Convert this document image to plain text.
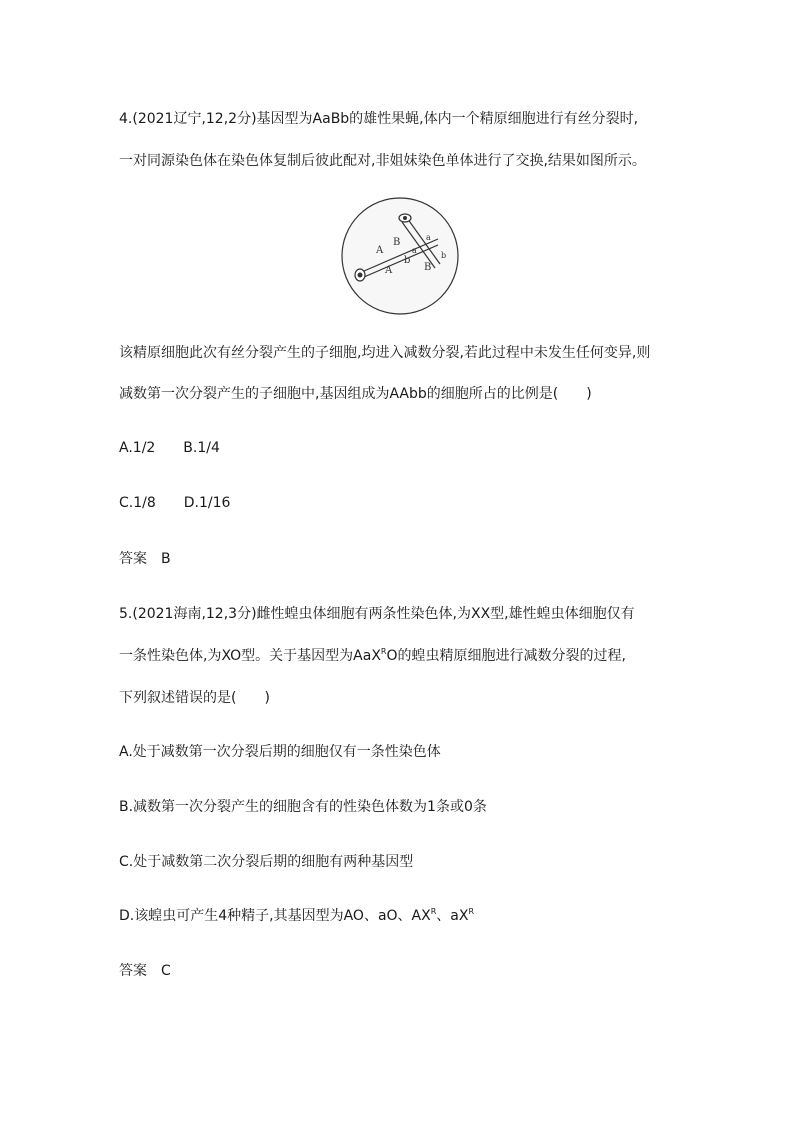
4.(2021辽宁,12,2分)基因型为AaBb的雄性果蝇,体内一个精原细胞进行有丝分裂时,
一对同源染色体在染色体复制后彼此配对,非姐妹染色单体进行了交换,结果如图所示。
A
B
A
b
a
a
B
b
该精原细胞此次有丝分裂产生的子细胞,均进入减数分裂,若此过程中未发生任何变异,则
减数第一次分裂产生的子细胞中,基因组成为AAbb的细胞所占的比例是(　　)
A.1/2　　B.1/4
C.1/8　　D.1/16
答案　B
5.(2021海南,12,3分)雌性蝗虫体细胞有两条性染色体,为XX型,雄性蝗虫体细胞仅有
一条性染色体,为XO型。关于基因型为AaX$^R$O的蝗虫精原细胞进行减数分裂的过程,
下列叙述错误的是(　　)
A.处于减数第一次分裂后期的细胞仅有一条性染色体
B.减数第一次分裂产生的细胞含有的性染色体数为1条或0条
C.处于减数第二次分裂后期的细胞有两种基因型
D.该蝗虫可产生4种精子,其基因型为AO、aO、$AX^R$、$aX^R$
答案　C
